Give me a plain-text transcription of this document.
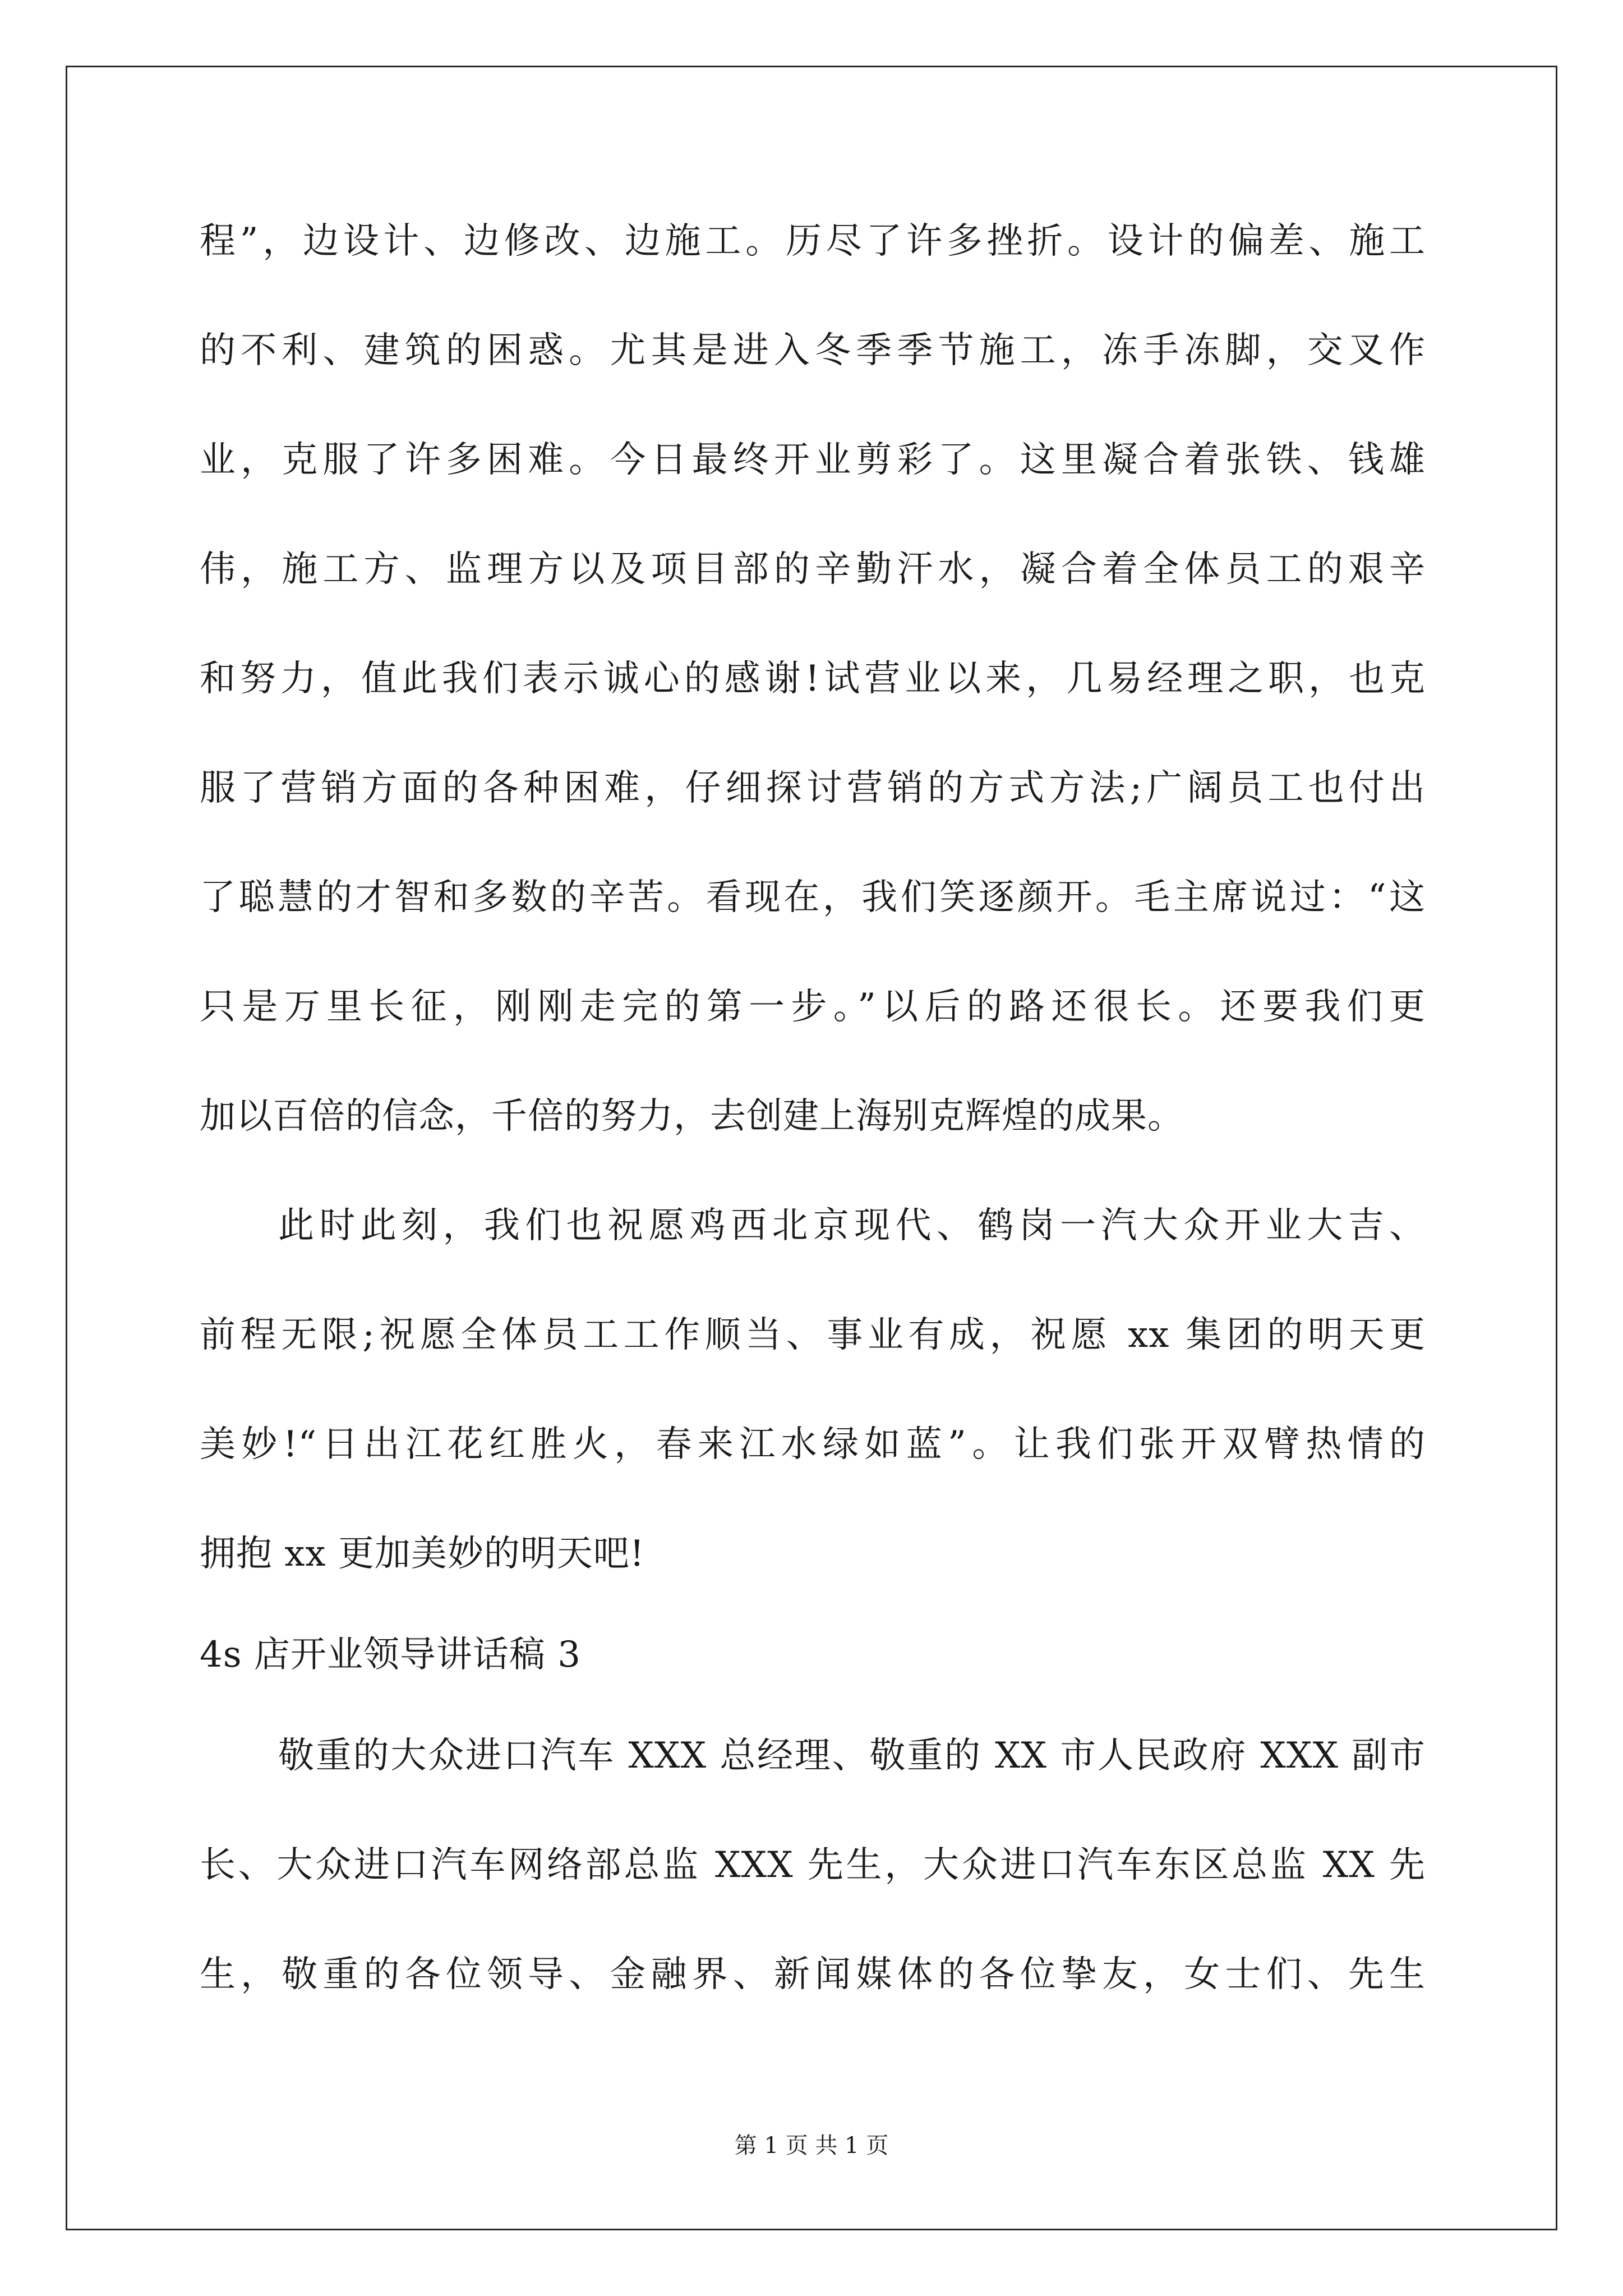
程”，边设计、边修改、边施工。历尽了许多挫折。设计的偏差、施工
的不利、建筑的困惑。尤其是进入冬季季节施工，冻手冻脚，交叉作
业，克服了许多困难。今日最终开业剪彩了。这里凝合着张铁、钱雄
伟，施工方、监理方以及项目部的辛勤汗水，凝合着全体员工的艰辛
和努力，值此我们表示诚心的感谢!试营业以来，几易经理之职，也克
服了营销方面的各种困难，仔细探讨营销的方式方法;广阔员工也付出
了聪慧的才智和多数的辛苦。看现在，我们笑逐颜开。毛主席说过：“这
只是万里长征，刚刚走完的第一步。”以后的路还很长。还要我们更
加以百倍的信念，千倍的努力，去创建上海别克辉煌的成果。
此时此刻，我们也祝愿鸡西北京现代、鹤岗一汽大众开业大吉、
前程无限;祝愿全体员工工作顺当、事业有成，祝愿 xx 集团的明天更
美妙!“日出江花红胜火，春来江水绿如蓝”。让我们张开双臂热情的
拥抱 xx 更加美妙的明天吧!
4s 店开业领导讲话稿 3
敬重的大众进口汽车 XXX 总经理、敬重的 XX 市人民政府 XXX 副市
长、大众进口汽车网络部总监 XXX 先生，大众进口汽车东区总监 XX 先
生，敬重的各位领导、金融界、新闻媒体的各位挚友，女士们、先生
第 1 页 共 1 页
